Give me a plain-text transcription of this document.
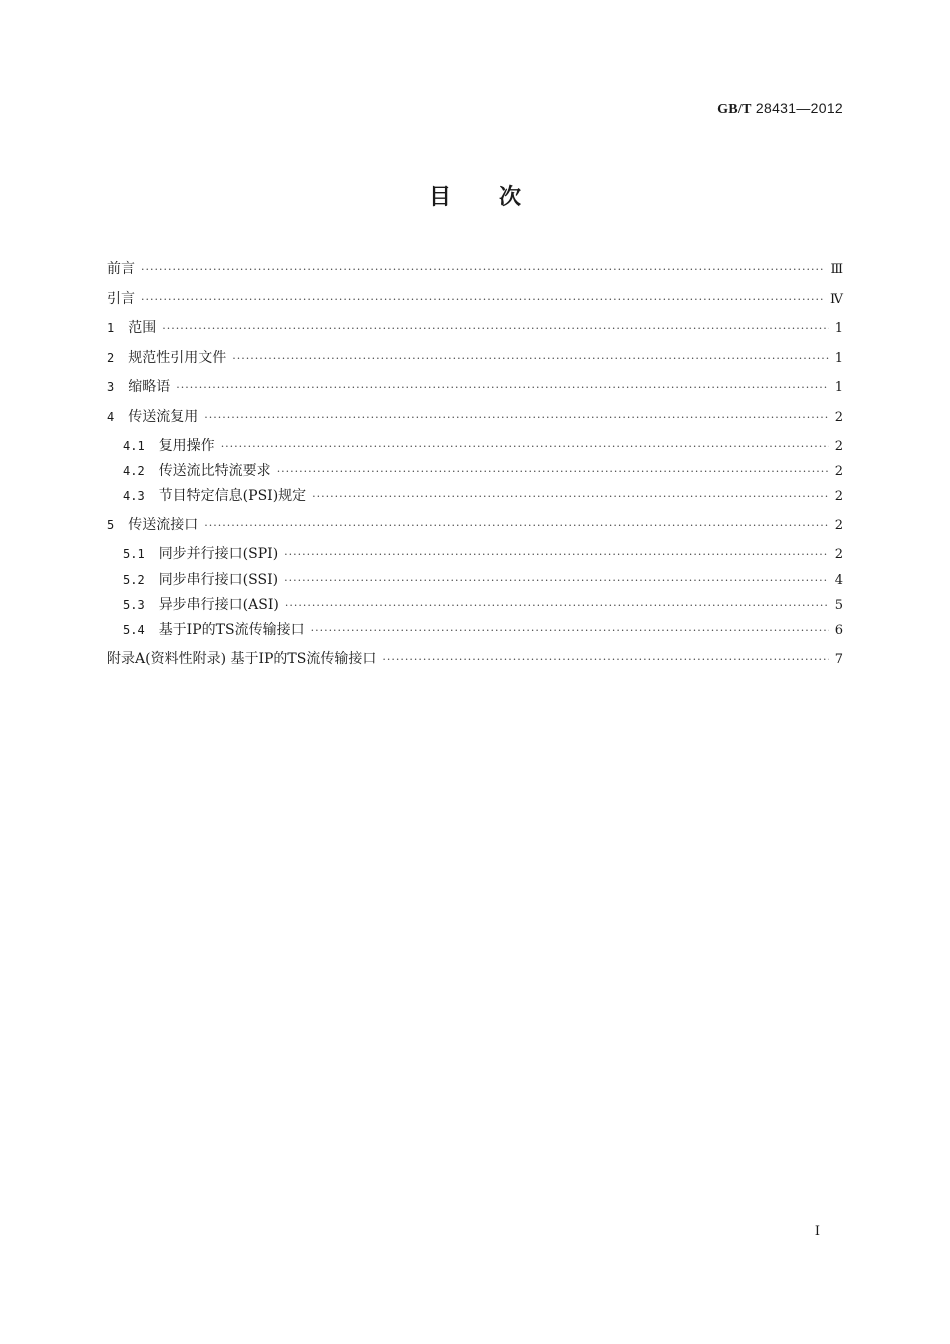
GB/T 28431—2012
目 次
前言 ·····	Ⅲ
引言 ·····	Ⅳ
1 范围 ·····	1
2 规范性引用文件 ·····	1
3 缩略语 ·····	1
4 传送流复用 ·····	2
4.1 复用操作 ·····	2
4.2 传送流比特流要求 ·····	2
4.3 节目特定信息(PSI)规定 ·····	2
5 传送流接口 ·····	2
5.1 同步并行接口(SPI) ·····	2
5.2 同步串行接口(SSI) ·····	4
5.3 异步串行接口(ASI) ·····	5
5.4 基于IP的TS流传输接口 ·····	6
附录A(资料性附录) 基于IP的TS流传输接口 ·····	7
I
